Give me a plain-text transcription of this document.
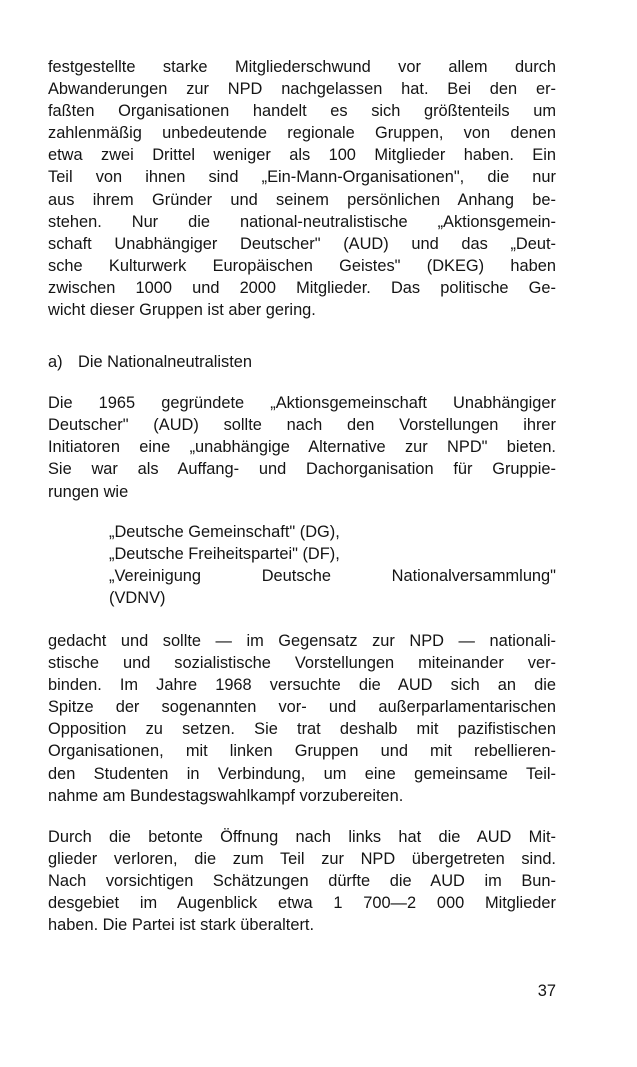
festgestellte starke Mitgliederschwund vor allem durch
Abwanderungen zur NPD nachgelassen hat. Bei den er-
faßten Organisationen handelt es sich größtenteils um
zahlenmäßig unbedeutende regionale Gruppen, von denen
etwa zwei Drittel weniger als 100 Mitglieder haben. Ein
Teil von ihnen sind „Ein-Mann-Organisationen", die nur
aus ihrem Gründer und seinem persönlichen Anhang be-
stehen. Nur die national-neutralistische „Aktionsgemein-
schaft Unabhängiger Deutscher" (AUD) und das „Deut-
sche Kulturwerk Europäischen Geistes" (DKEG) haben
zwischen 1000 und 2000 Mitglieder. Das politische Ge-
wicht dieser Gruppen ist aber gering.

a) Die Nationalneutralisten

Die 1965 gegründete „Aktionsgemeinschaft Unabhängiger
Deutscher" (AUD) sollte nach den Vorstellungen ihrer
Initiatoren eine „unabhängige Alternative zur NPD" bieten.
Sie war als Auffang- und Dachorganisation für Gruppie-
rungen wie

„Deutsche Gemeinschaft" (DG),
„Deutsche Freiheitspartei" (DF),
„Vereinigung Deutsche Nationalversammlung"
(VDNV)

gedacht und sollte — im Gegensatz zur NPD — nationali-
stische und sozialistische Vorstellungen miteinander ver-
binden. Im Jahre 1968 versuchte die AUD sich an die
Spitze der sogenannten vor- und außerparlamentarischen
Opposition zu setzen. Sie trat deshalb mit pazifistischen
Organisationen, mit linken Gruppen und mit rebellieren-
den Studenten in Verbindung, um eine gemeinsame Teil-
nahme am Bundestagswahlkampf vorzubereiten.

Durch die betonte Öffnung nach links hat die AUD Mit-
glieder verloren, die zum Teil zur NPD übergetreten sind.
Nach vorsichtigen Schätzungen dürfte die AUD im Bun-
desgebiet im Augenblick etwa 1 700—2 000 Mitglieder
haben. Die Partei ist stark überaltert.

37
